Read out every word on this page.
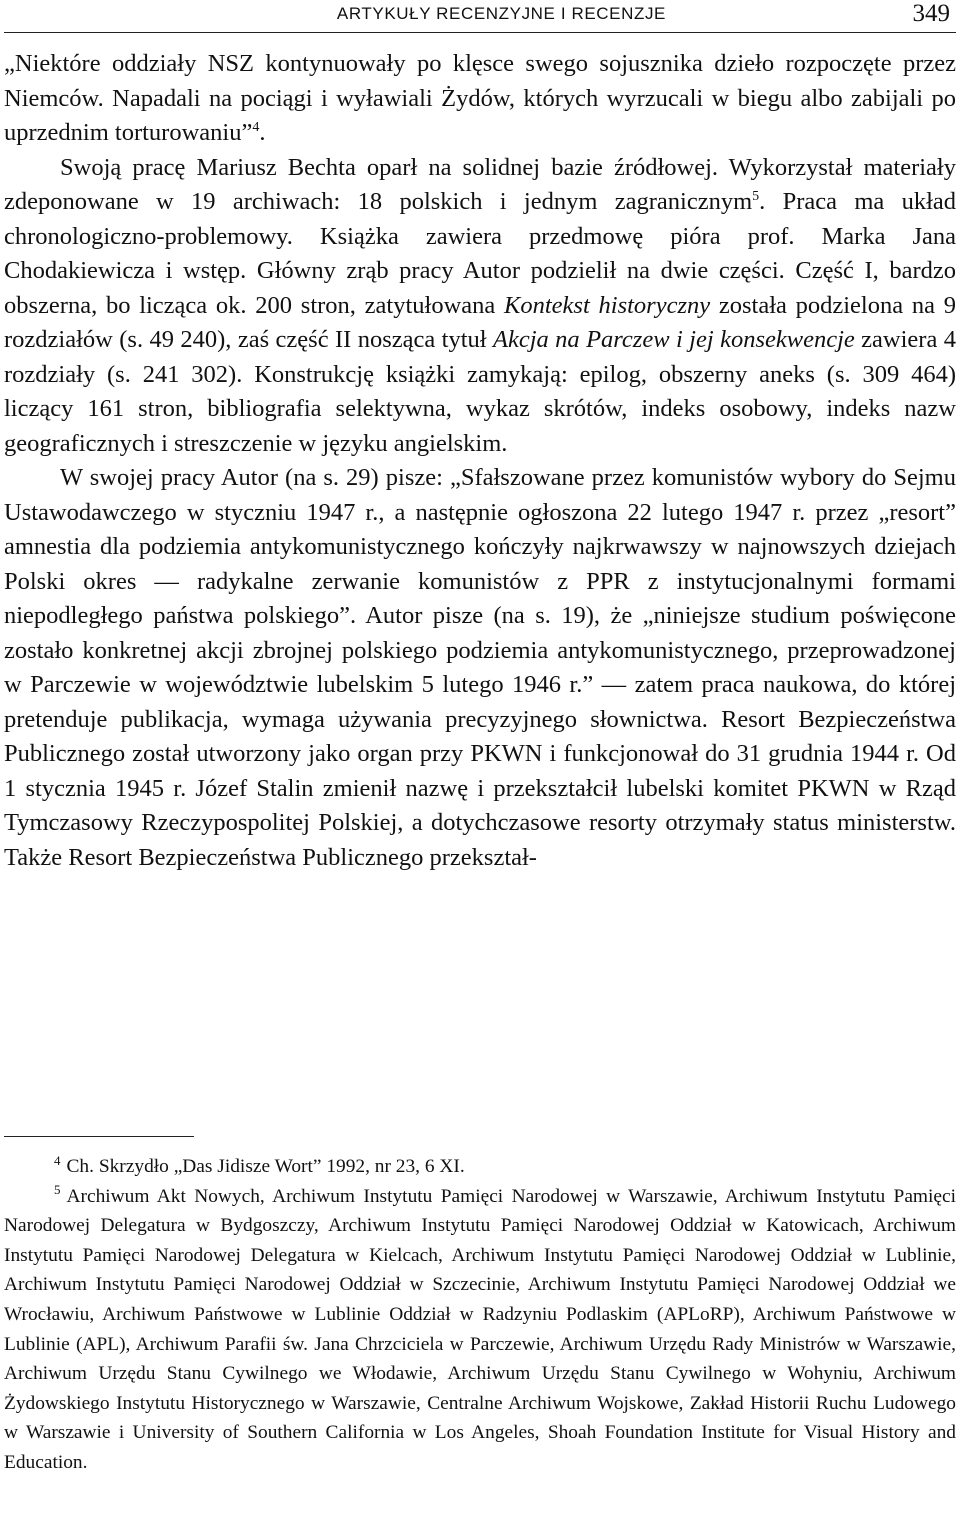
ARTYKUŁY RECENZYJNE I RECENZJE	349

„Niektóre oddziały NSZ kontynuowały po klęsce swego sojusznika dzieło rozpoczęte przez Niemców. Napadali na pociągi i wyławiali Żydów, których wyrzucali w biegu albo zabijali po uprzednim torturowaniu”$^4$.

Swoją pracę Mariusz Bechta oparł na solidnej bazie źródłowej. Wykorzystał materiały zdeponowane w 19 archiwach: 18 polskich i jednym zagranicznym$^5$. Praca ma układ chronologiczno-problemowy. Książka zawiera przedmowę pióra prof. Marka Jana Chodakiewicza i wstęp. Główny zrąb pracy Autor podzielił na dwie części. Część I, bardzo obszerna, bo licząca ok. 200 stron, zatytułowana Kontekst historyczny została podzielona na 9 rozdziałów (s. 49 240), zaś część II nosząca tytuł Akcja na Parczew i jej konsekwencje zawiera 4 rozdziały (s. 241 302). Konstrukcję książki zamykają: epilog, obszerny aneks (s. 309 464) liczący 161 stron, bibliografia selektywna, wykaz skrótów, indeks osobowy, indeks nazw geograficznych i streszczenie w języku angielskim.

W swojej pracy Autor (na s. 29) pisze: „Sfałszowane przez komunistów wybory do Sejmu Ustawodawczego w styczniu 1947 r., a następnie ogłoszona 22 lutego 1947 r. przez „resort” amnestia dla podziemia antykomunistycznego kończyły najkrwawszy w najnowszych dziejach Polski okres — radykalne zerwanie komunistów z PPR z instytucjonalnymi formami niepodległego państwa polskiego”. Autor pisze (na s. 19), że „niniejsze studium poświęcone zostało konkretnej akcji zbrojnej polskiego podziemia antykomunistycznego, przeprowadzonej w Parczewie w województwie lubelskim 5 lutego 1946 r.” — zatem praca naukowa, do której pretenduje publikacja, wymaga używania precyzyjnego słownictwa. Resort Bezpieczeństwa Publicznego został utworzony jako organ przy PKWN i funkcjonował do 31 grudnia 1944 r. Od 1 stycznia 1945 r. Józef Stalin zmienił nazwę i przekształcił lubelski komitet PKWN w Rząd Tymczasowy Rzeczypospolitej Polskiej, a dotychczasowe resorty otrzymały status ministerstw. Także Resort Bezpieczeństwa Publicznego przekształ-

$^4$ Ch. Skrzydło „Das Jidisze Wort” 1992, nr 23, 6 XI.

$^5$ Archiwum Akt Nowych, Archiwum Instytutu Pamięci Narodowej w Warszawie, Archiwum Instytutu Pamięci Narodowej Delegatura w Bydgoszczy, Archiwum Instytutu Pamięci Narodowej Oddział w Katowicach, Archiwum Instytutu Pamięci Narodowej Delegatura w Kielcach, Archiwum Instytutu Pamięci Narodowej Oddział w Lublinie, Archiwum Instytutu Pamięci Narodowej Oddział w Szczecinie, Archiwum Instytutu Pamięci Narodowej Oddział we Wrocławiu, Archiwum Państwowe w Lublinie Oddział w Radzyniu Podlaskim (APLoRP), Archiwum Państwowe w Lublinie (APL), Archiwum Parafii św. Jana Chrzciciela w Parczewie, Archiwum Urzędu Rady Ministrów w Warszawie, Archiwum Urzędu Stanu Cywilnego we Włodawie, Archiwum Urzędu Stanu Cywilnego w Wohyniu, Archiwum Żydowskiego Instytutu Historycznego w Warszawie, Centralne Archiwum Wojskowe, Zakład Historii Ruchu Ludowego w Warszawie i University of Southern California w Los Angeles, Shoah Foundation Institute for Visual History and Education.
